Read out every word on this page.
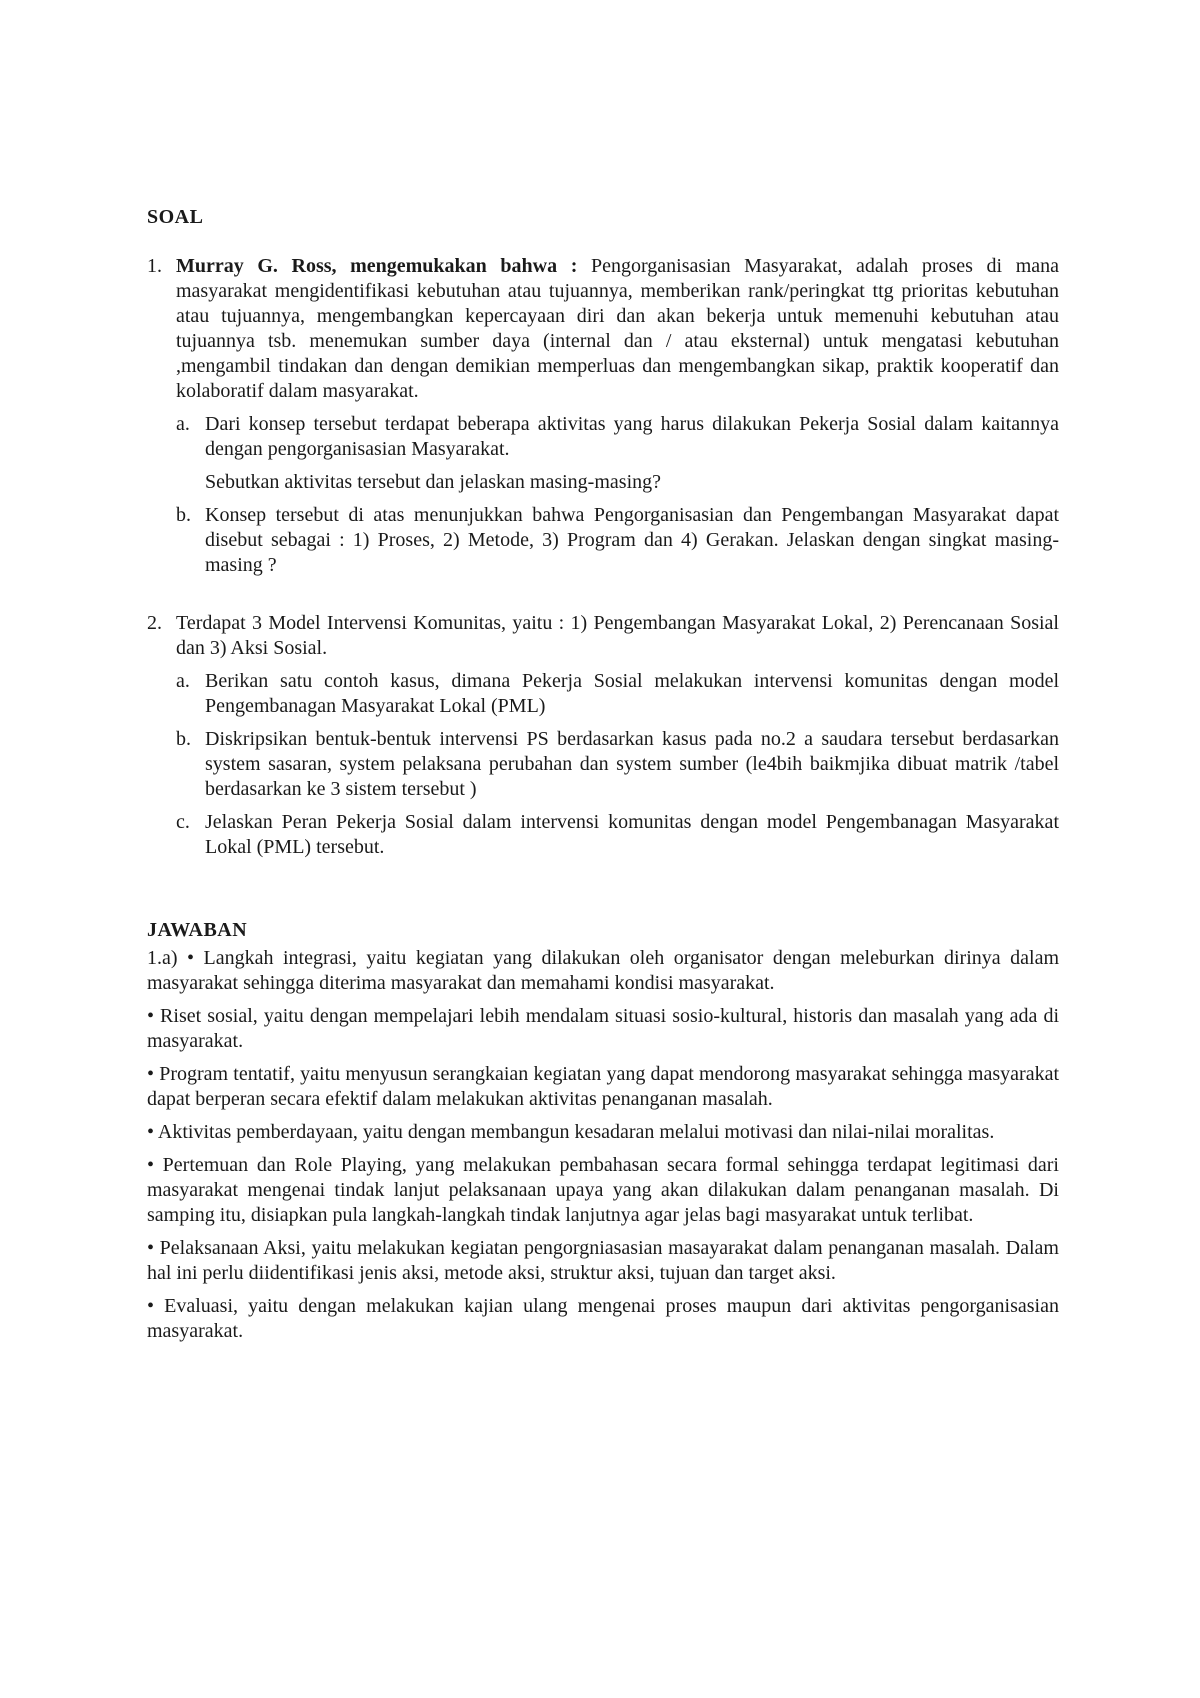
SOAL
1. Murray G. Ross, mengemukakan bahwa : Pengorganisasian Masyarakat, adalah proses di mana masyarakat mengidentifikasi kebutuhan atau tujuannya, memberikan rank/peringkat ttg prioritas kebutuhan atau tujuannya, mengembangkan kepercayaan diri dan akan bekerja untuk memenuhi kebutuhan atau tujuannya tsb. menemukan sumber daya (internal dan / atau eksternal) untuk mengatasi kebutuhan ,mengambil tindakan dan dengan demikian memperluas dan mengembangkan sikap, praktik kooperatif dan kolaboratif dalam masyarakat.
a. Dari konsep tersebut terdapat beberapa aktivitas yang harus dilakukan Pekerja Sosial dalam kaitannya dengan pengorganisasian Masyarakat.
Sebutkan aktivitas tersebut dan jelaskan masing-masing?
b. Konsep tersebut di atas menunjukkan bahwa Pengorganisasian dan Pengembangan Masyarakat dapat disebut sebagai : 1) Proses, 2) Metode, 3) Program dan 4) Gerakan. Jelaskan dengan singkat masing-masing ?
2. Terdapat 3 Model Intervensi Komunitas, yaitu : 1) Pengembangan Masyarakat Lokal, 2) Perencanaan Sosial dan 3) Aksi Sosial.
a. Berikan satu contoh kasus, dimana Pekerja Sosial melakukan intervensi komunitas dengan model Pengembanagan Masyarakat Lokal (PML)
b. Diskripsikan bentuk-bentuk intervensi PS berdasarkan kasus pada no.2 a saudara tersebut berdasarkan system sasaran, system pelaksana perubahan dan system sumber (le4bih baikmjika dibuat matrik /tabel berdasarkan ke 3 sistem tersebut )
c. Jelaskan Peran Pekerja Sosial dalam intervensi komunitas dengan model Pengembanagan Masyarakat Lokal (PML) tersebut.
JAWABAN
1.a) • Langkah integrasi, yaitu kegiatan yang dilakukan oleh organisator dengan meleburkan dirinya dalam masyarakat sehingga diterima masyarakat dan memahami kondisi masyarakat.
• Riset sosial, yaitu dengan mempelajari lebih mendalam situasi sosio-kultural, historis dan masalah yang ada di masyarakat.
• Program tentatif, yaitu menyusun serangkaian kegiatan yang dapat mendorong masyarakat sehingga masyarakat dapat berperan secara efektif dalam melakukan aktivitas penanganan masalah.
• Aktivitas pemberdayaan, yaitu dengan membangun kesadaran melalui motivasi dan nilai-nilai moralitas.
• Pertemuan dan Role Playing, yang melakukan pembahasan secara formal sehingga terdapat legitimasi dari masyarakat mengenai tindak lanjut pelaksanaan upaya yang akan dilakukan dalam penanganan masalah. Di samping itu, disiapkan pula langkah-langkah tindak lanjutnya agar jelas bagi masyarakat untuk terlibat.
• Pelaksanaan Aksi, yaitu melakukan kegiatan pengorgniasasian masayarakat dalam penanganan masalah. Dalam hal ini perlu diidentifikasi jenis aksi, metode aksi, struktur aksi, tujuan dan target aksi.
• Evaluasi, yaitu dengan melakukan kajian ulang mengenai proses maupun dari aktivitas pengorganisasian masyarakat.
